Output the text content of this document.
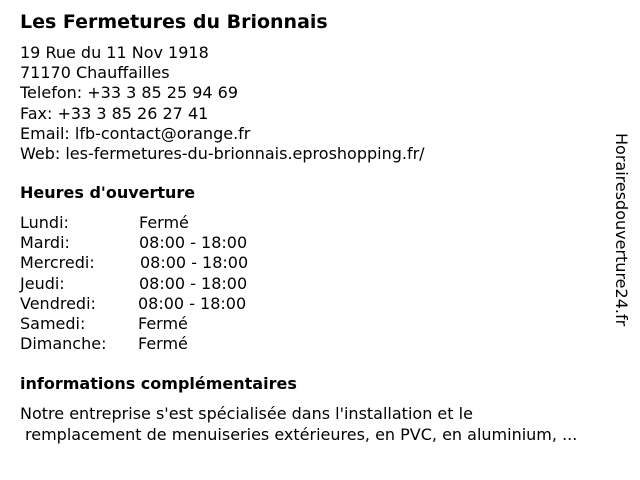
Les Fermetures du Brionnais
19 Rue du 11 Nov 1918
71170 Chauffailles
Telefon: +33 3 85 25 94 69
Fax: +33 3 85 26 27 41
Email: lfb-contact@orange.fr
Web: les-fermetures-du-brionnais.eproshopping.fr/
Heures d'ouverture
Lundi:	Fermé
Mardi:	08:00 - 18:00
Mercredi:	08:00 - 18:00
Jeudi:	08:00 - 18:00
Vendredi:	08:00 - 18:00
Samedi:	Fermé
Dimanche: Fermé
informations complémentaires
Notre entreprise s'est spécialisée dans l'installation et le
remplacement de menuiseries extérieures, en PVC, en aluminium, ...
Horairesdouverture24.fr
